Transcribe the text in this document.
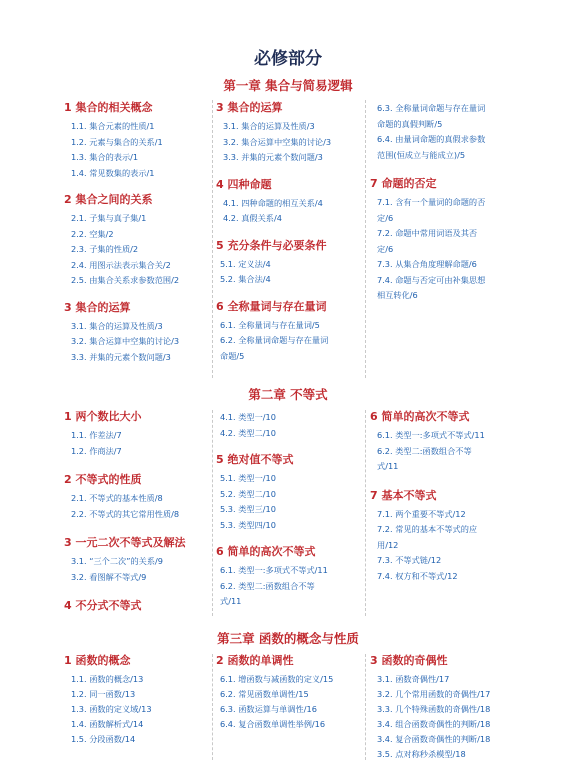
必修部分
第一章 集合与简易逻辑
1 集合的相关概念
1.1. 集合元素的性质/1
1.2. 元素与集合的关系/1
1.3. 集合的表示/1
1.4. 常见数集的表示/1
2 集合之间的关系
2.1. 子集与真子集/1
2.2. 空集/2
2.3. 子集的性质/2
2.4. 用图示法表示集合关/2
2.5. 由集合关系求参数范围/2
3 集合的运算
3.1. 集合的运算及性质/3
3.2. 集合运算中空集的讨论/3
3.3. 并集的元素个数问题/3
3 集合的运算
3.1. 集合的运算及性质/3
3.2. 集合运算中空集的讨论/3
3.3. 并集的元素个数问题/3
4 四种命题
4.1. 四种命题的相互关系/4
4.2. 真假关系/4
5 充分条件与必要条件
5.1. 定义法/4
5.2. 集合法/4
6 全称量词与存在量词
6.1. 全称量词与存在量词/5
6.2. 全称量词命题与存在量词
命题/5
6.3. 全称量词命题与存在量词
命题的真假判断/5
6.4. 由量词命题的真假求参数
范围(恒成立与能成立)/5
7 命题的否定
7.1. 含有一个量词的命题的否
定/6
7.2. 命题中常用词语及其否
定/6
7.3. 从集合角度理解命题/6
7.4. 命题与否定可由补集思想
相互转化/6
第二章 不等式
1 两个数比大小
1.1. 作差法/7
1.2. 作商法/7
2 不等式的性质
2.1. 不等式的基本性质/8
2.2. 不等式的其它常用性质/8
3 一元二次不等式及解法
3.1. “三个二次”的关系/9
3.2. 看图解不等式/9
4 不分式不等式
4.1. 类型一/10
4.2. 类型二/10
5 绝对值不等式
5.1. 类型一/10
5.2. 类型二/10
5.3. 类型三/10
5.3. 类型四/10
6 简单的高次不等式
6.1. 类型一:多项式不等式/11
6.2. 类型二:函数组合不等
式/11
6 简单的高次不等式
6.1. 类型一:多项式不等式/11
6.2. 类型二:函数组合不等
式/11
7 基本不等式
7.1. 两个重要不等式/12
7.2. 常见的基本不等式的应
用/12
7.3. 不等式链/12
7.4. 权方和不等式/12
第三章 函数的概念与性质
1 函数的概念
1.1. 函数的概念/13
1.2. 同一函数/13
1.3. 函数的定义域/13
1.4. 函数解析式/14
1.5. 分段函数/14
2 函数的单调性
6.1. 增函数与减函数的定义/15
6.2. 常见函数单调性/15
6.3. 函数运算与单调性/16
6.4. 复合函数单调性举例/16
3 函数的奇偶性
3.1. 函数奇偶性/17
3.2. 几个常用函数的奇偶性/17
3.3. 几个特殊函数的奇偶性/18
3.4. 组合函数奇偶性的判断/18
3.4. 复合函数奇偶性的判断/18
3.5. 点对称秒杀模型/18
